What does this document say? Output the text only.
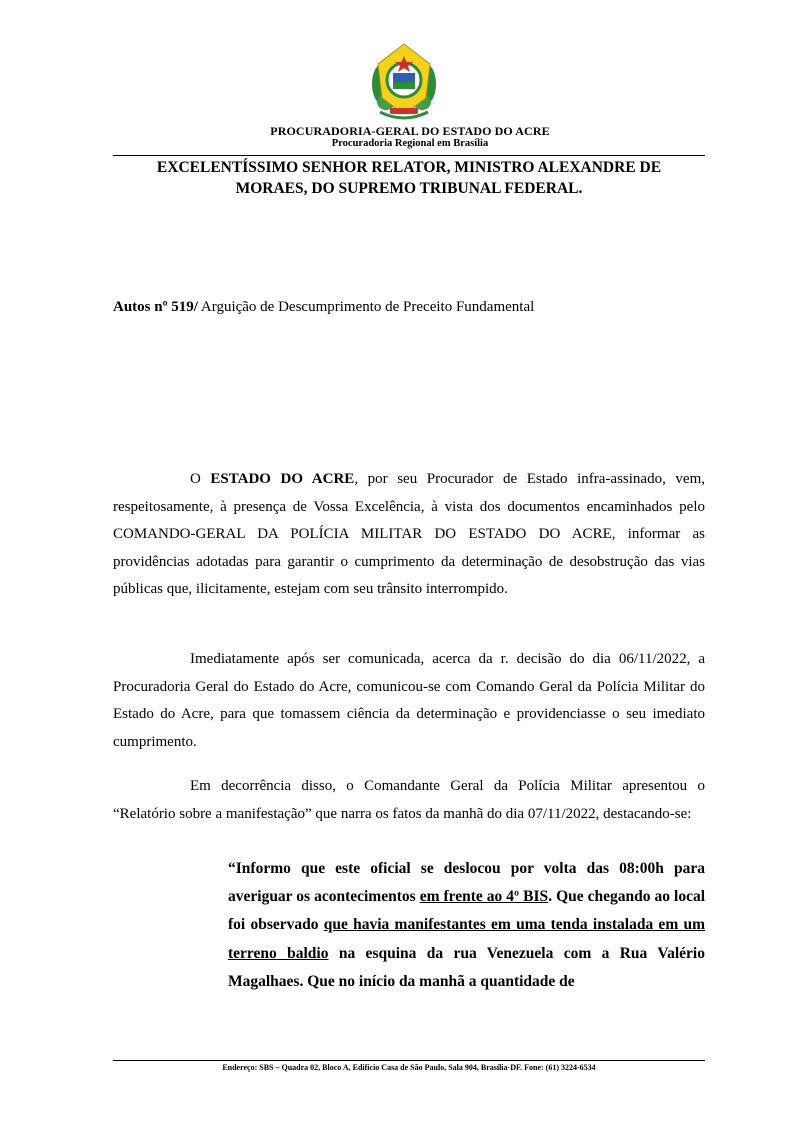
PROCURADORIA-GERAL DO ESTADO DO ACRE
Procuradoria Regional em Brasília
EXCELENTÍSSIMO SENHOR RELATOR, MINISTRO ALEXANDRE DE
MORAES, DO SUPREMO TRIBUNAL FEDERAL.
Autos nº 519/ Arguição de Descumprimento de Preceito Fundamental

O ESTADO DO ACRE, por seu Procurador de Estado infra-assinado, vem, respeitosamente, à presença de Vossa Excelência, à vista dos documentos encaminhados pelo COMANDO-GERAL DA POLÍCIA MILITAR DO ESTADO DO ACRE, informar as providências adotadas para garantir o cumprimento da determinação de desobstrução das vias públicas que, ilicitamente, estejam com seu trânsito interrompido.

Imediatamente após ser comunicada, acerca da r. decisão do dia 06/11/2022, a Procuradoria Geral do Estado do Acre, comunicou-se com Comando Geral da Polícia Militar do Estado do Acre, para que tomassem ciência da determinação e providenciasse o seu imediato cumprimento.

Em decorrência disso, o Comandante Geral da Polícia Militar apresentou o “Relatório sobre a manifestação” que narra os fatos da manhã do dia 07/11/2022, destacando-se:

“Informo que este oficial se deslocou por volta das 08:00h para averiguar os acontecimentos em frente ao 4º BIS. Que chegando ao local foi observado que havia manifestantes em uma tenda instalada em um terreno baldio na esquina da rua Venezuela com a Rua Valério Magalhaes. Que no início da manhã a quantidade de

Endereço: SBS – Quadra 02, Bloco A, Edifício Casa de São Paulo, Sala 904, Brasília-DF. Fone: (61) 3224-6534
